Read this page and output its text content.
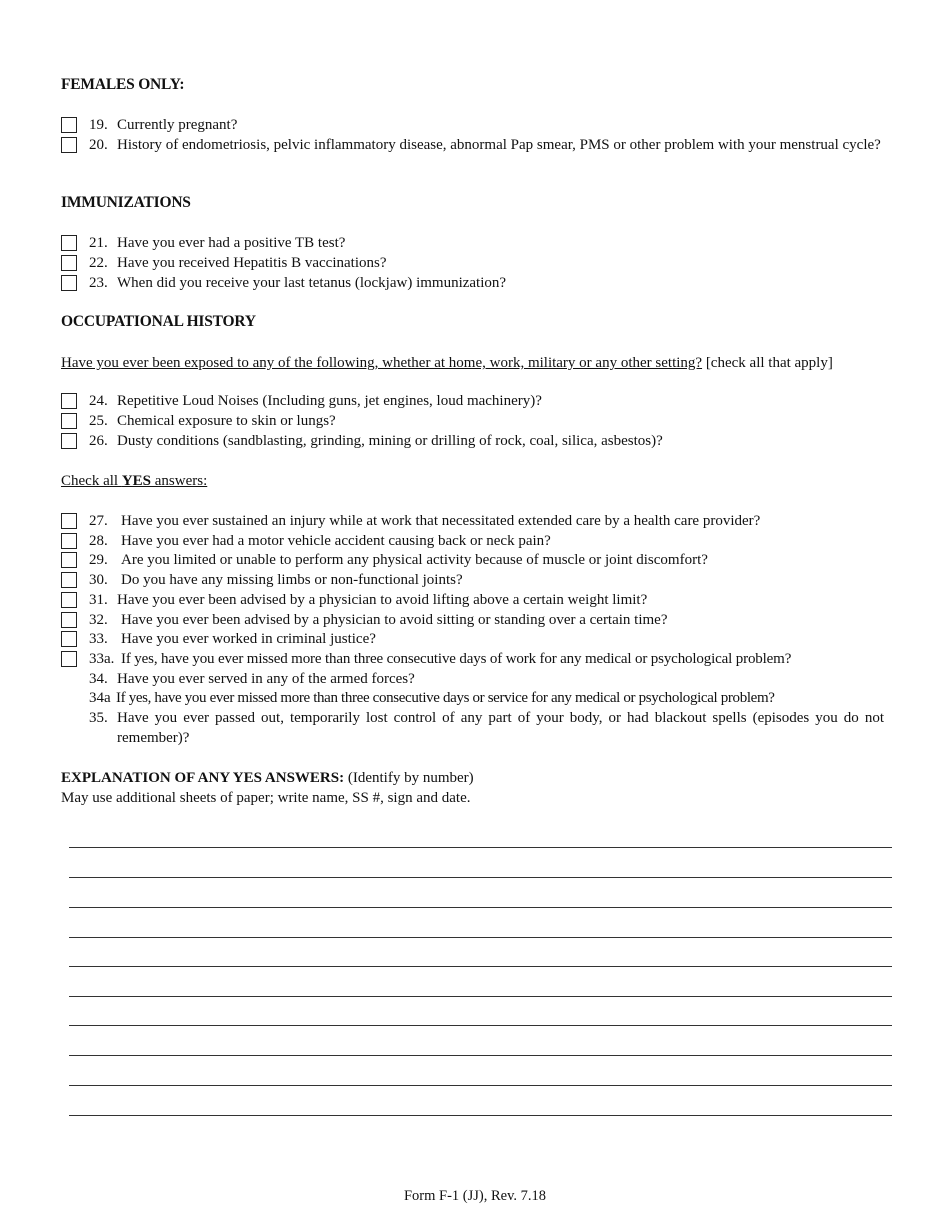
FEMALES ONLY:
19. Currently pregnant?
20. History of endometriosis, pelvic inflammatory disease, abnormal Pap smear, PMS or other problem with your menstrual cycle?
IMMUNIZATIONS
21. Have you ever had a positive TB test?
22. Have you received Hepatitis B vaccinations?
23. When did you receive your last tetanus (lockjaw) immunization?
OCCUPATIONAL HISTORY
Have you ever been exposed to any of the following, whether at home, work, military or any other setting? [check all that apply]
24. Repetitive Loud Noises (Including guns, jet engines, loud machinery)?
25. Chemical exposure to skin or lungs?
26. Dusty conditions (sandblasting, grinding, mining or drilling of rock, coal, silica, asbestos)?
Check all YES answers:
27. Have you ever sustained an injury while at work that necessitated extended care by a health care provider?
28. Have you ever had a motor vehicle accident causing back or neck pain?
29. Are you limited or unable to perform any physical activity because of muscle or joint discomfort?
30. Do you have any missing limbs or non-functional joints?
31. Have you ever been advised by a physician to avoid lifting above a certain weight limit?
32. Have you ever been advised by a physician to avoid sitting or standing over a certain time?
33. Have you ever worked in criminal justice?
33a. If yes, have you ever missed more than three consecutive days of work for any medical or psychological problem?
34. Have you ever served in any of the armed forces?
34a If yes, have you ever missed more than three consecutive days or service for any medical or psychological problem?
35. Have you ever passed out, temporarily lost control of any part of your body, or had blackout spells (episodes you do not remember)?
EXPLANATION OF ANY YES ANSWERS: (Identify by number)
May use additional sheets of paper; write name, SS #, sign and date.
Form F-1 (JJ), Rev. 7.18
